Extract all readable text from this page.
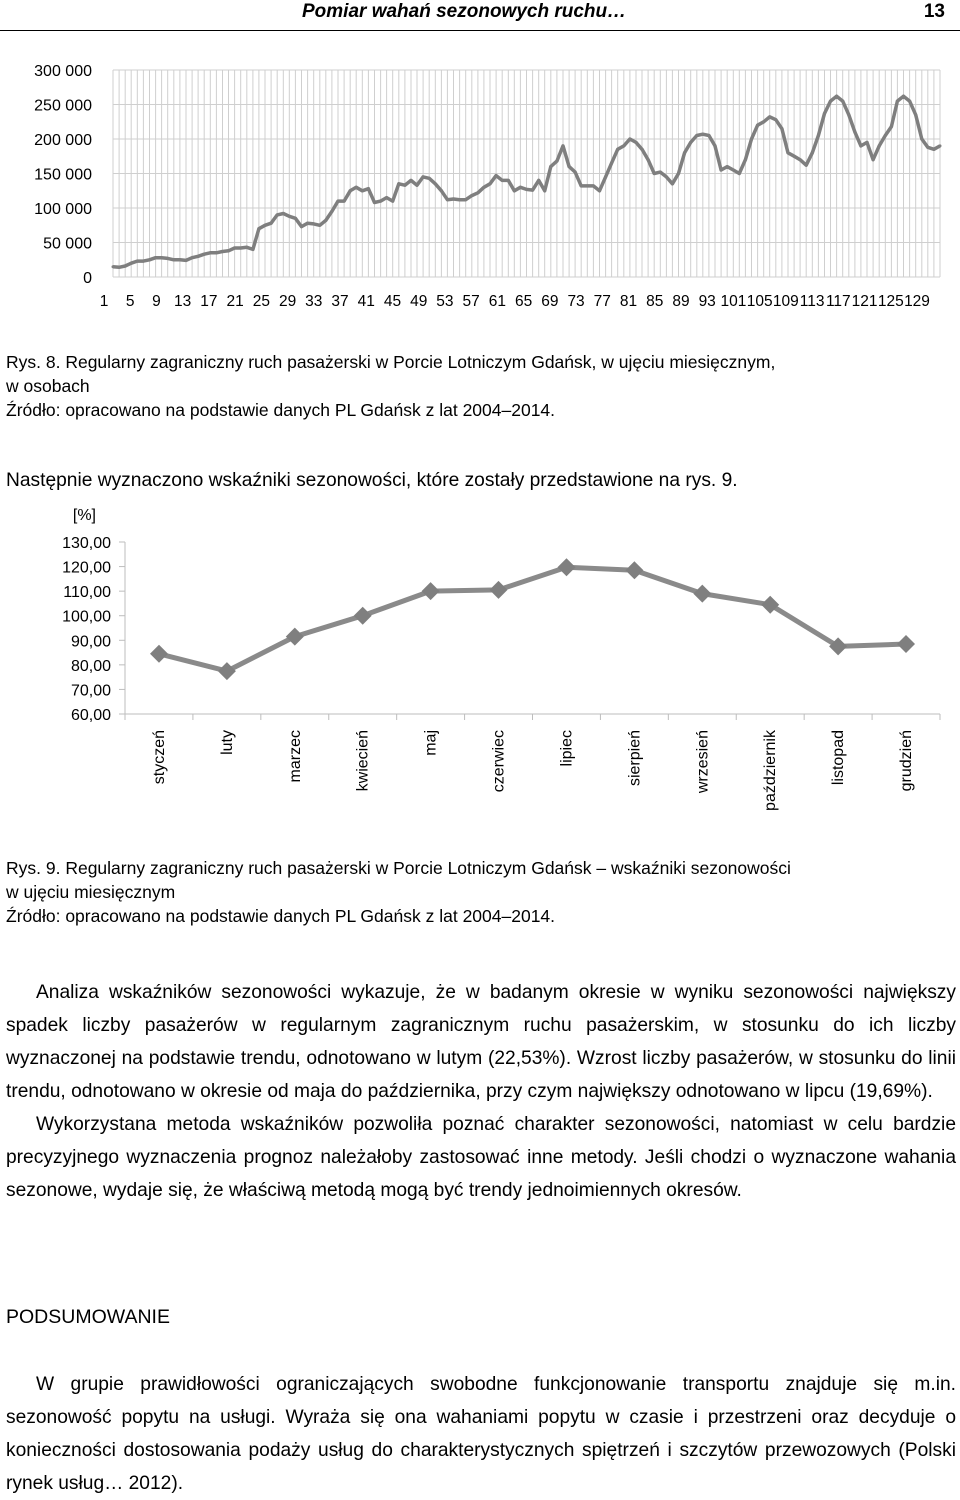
Pomiar wahań sezonowych ruchu…	13
300 000
250 000
200 000
150 000
100 000
50 000
0
1 5 9 13 17 21 25 29 33 37 41 45 49 53 57 61 65 69 73 77 81 85 89 93 101 105 109 113 117 121 125 129

Rys. 8. Regularny zagraniczny ruch pasażerski w Porcie Lotniczym Gdańsk, w ujęciu miesięcznym,

w osobach

Źródło: opracowano na podstawie danych PL Gdańsk z lat 2004–2014.

Następnie wyznaczono wskaźniki sezonowości, które zostały przedstawione na rys. 9.

[%]
130,00
120,00
110,00
100,00
90,00
80,00
70,00
60,00
styczeń	luty	marzec	kwiecień	maj	czerwiec	lipiec	sierpień	wrzesień	październik	listopad	grudzień

Rys. 9. Regularny zagraniczny ruch pasażerski w Porcie Lotniczym Gdańsk – wskaźniki sezonowości

w ujęciu miesięcznym

Źródło: opracowano na podstawie danych PL Gdańsk z lat 2004–2014.

Analiza wskaźników sezonowości wykazuje, że w badanym okresie w wyniku sezonowości największy spadek liczby pasażerów w regularnym zagranicznym ruchu pasażerskim, w stosunku do ich liczby wyznaczonej na podstawie trendu, odnotowano w lutym (22,53%). Wzrost liczby pasażerów, w stosunku do linii trendu, odnotowano w okresie od maja do października, przy czym największy odnotowano w lipcu (19,69%).

Wykorzystana metoda wskaźników pozwoliła poznać charakter sezonowości, natomiast w celu bardzie precyzyjnego wyznaczenia prognoz należałoby zastosować inne metody. Jeśli chodzi o wyznaczone wahania sezonowe, wydaje się, że właściwą metodą mogą być trendy jednoimiennych okresów.

PODSUMOWANIE

W grupie prawidłowości ograniczających swobodne funkcjonowanie transportu znajduje się m.in. sezonowość popytu na usługi. Wyraża się ona wahaniami popytu w czasie i przestrzeni oraz decyduje o konieczności dostosowania podaży usług do charakterystycznych spiętrzeń i szczytów przewozowych (Polski rynek usług… 2012).
